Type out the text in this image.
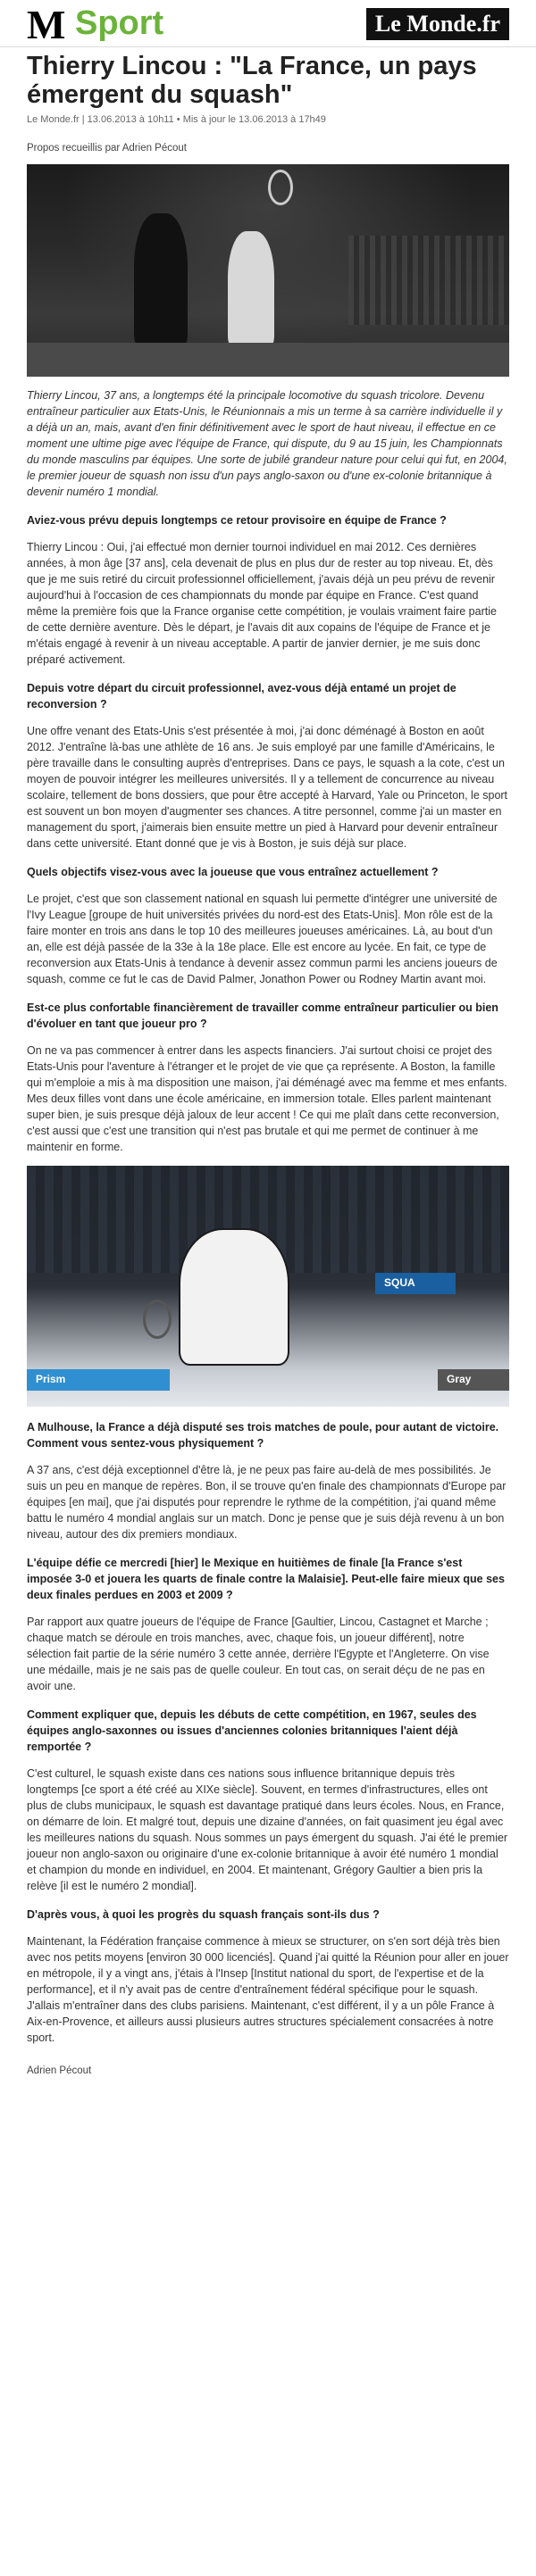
M Sport	Le Monde.fr
Thierry Lincou : "La France, un pays émergent du squash"
Le Monde.fr | 13.06.2013 à 10h11 • Mis à jour le 13.06.2013 à 17h49
Propos recueillis par Adrien Pécout
Thierry Lincou, 37 ans, a longtemps été la principale locomotive du squash tricolore. Devenu entraîneur particulier aux Etats-Unis, le Réunionnais a mis un terme à sa carrière individuelle il y a déjà un an, mais, avant d'en finir définitivement avec le sport de haut niveau, il effectue en ce moment une ultime pige avec l'équipe de France, qui dispute, du 9 au 15 juin, les Championnats du monde masculins par équipes. Une sorte de jubilé grandeur nature pour celui qui fut, en 2004, le premier joueur de squash non issu d'un pays anglo-saxon ou d'une ex-colonie britannique à devenir numéro 1 mondial.
Aviez-vous prévu depuis longtemps ce retour provisoire en équipe de France ?
Thierry Lincou : Oui, j'ai effectué mon dernier tournoi individuel en mai 2012. Ces dernières années, à mon âge [37 ans], cela devenait de plus en plus dur de rester au top niveau. Et, dès que je me suis retiré du circuit professionnel officiellement, j'avais déjà un peu prévu de revenir aujourd'hui à l'occasion de ces championnats du monde par équipe en France. C'est quand même la première fois que la France organise cette compétition, je voulais vraiment faire partie de cette dernière aventure. Dès le départ, je l'avais dit aux copains de l'équipe de France et je m'étais engagé à revenir à un niveau acceptable. A partir de janvier dernier, je me suis donc préparé activement.
Depuis votre départ du circuit professionnel, avez-vous déjà entamé un projet de reconversion ?
Une offre venant des Etats-Unis s'est présentée à moi, j'ai donc déménagé à Boston en août 2012. J'entraîne là-bas une athlète de 16 ans. Je suis employé par une famille d'Américains, le père travaille dans le consulting auprès d'entreprises. Dans ce pays, le squash a la cote, c'est un moyen de pouvoir intégrer les meilleures universités. Il y a tellement de concurrence au niveau scolaire, tellement de bons dossiers, que pour être accepté à Harvard, Yale ou Princeton, le sport est souvent un bon moyen d'augmenter ses chances. A titre personnel, comme j'ai un master en management du sport, j'aimerais bien ensuite mettre un pied à Harvard pour devenir entraîneur dans cette université. Etant donné que je vis à Boston, je suis déjà sur place.
Quels objectifs visez-vous avec la joueuse que vous entraînez actuellement ?
Le projet, c'est que son classement national en squash lui permette d'intégrer une université de l'Ivy League [groupe de huit universités privées du nord-est des Etats-Unis]. Mon rôle est de la faire monter en trois ans dans le top 10 des meilleures joueuses américaines. Là, au bout d'un an, elle est déjà passée de la 33e à la 18e place. Elle est encore au lycée. En fait, ce type de reconversion aux Etats-Unis à tendance à devenir assez commun parmi les anciens joueurs de squash, comme ce fut le cas de David Palmer, Jonathon Power ou Rodney Martin avant moi.
Est-ce plus confortable financièrement de travailler comme entraîneur particulier ou bien d'évoluer en tant que joueur pro ?
On ne va pas commencer à entrer dans les aspects financiers. J'ai surtout choisi ce projet des Etats-Unis pour l'aventure à l'étranger et le projet de vie que ça représente. A Boston, la famille qui m'emploie a mis à ma disposition une maison, j'ai déménagé avec ma femme et mes enfants. Mes deux filles vont dans une école américaine, en immersion totale. Elles parlent maintenant super bien, je suis presque déjà jaloux de leur accent ! Ce qui me plaît dans cette reconversion, c'est aussi que c'est une transition qui n'est pas brutale et qui me permet de continuer à me maintenir en forme.
Prism
SQUA
Gray
A Mulhouse, la France a déjà disputé ses trois matches de poule, pour autant de victoire. Comment vous sentez-vous physiquement ?
A 37 ans, c'est déjà exceptionnel d'être là, je ne peux pas faire au-delà de mes possibilités. Je suis un peu en manque de repères. Bon, il se trouve qu'en finale des championnats d'Europe par équipes [en mai], que j'ai disputés pour reprendre le rythme de la compétition, j'ai quand même battu le numéro 4 mondial anglais sur un match. Donc je pense que je suis déjà revenu à un bon niveau, autour des dix premiers mondiaux.
L'équipe défie ce mercredi [hier] le Mexique en huitièmes de finale [la France s'est imposée 3-0 et jouera les quarts de finale contre la Malaisie]. Peut-elle faire mieux que ses deux finales perdues en 2003 et 2009 ?
Par rapport aux quatre joueurs de l'équipe de France [Gaultier, Lincou, Castagnet et Marche ; chaque match se déroule en trois manches, avec, chaque fois, un joueur différent], notre sélection fait partie de la série numéro 3 cette année, derrière l'Egypte et l'Angleterre. On vise une médaille, mais je ne sais pas de quelle couleur. En tout cas, on serait déçu de ne pas en avoir une.
Comment expliquer que, depuis les débuts de cette compétition, en 1967, seules des équipes anglo-saxonnes ou issues d'anciennes colonies britanniques l'aient déjà remportée ?
C'est culturel, le squash existe dans ces nations sous influence britannique depuis très longtemps [ce sport a été créé au XIXe siècle]. Souvent, en termes d'infrastructures, elles ont plus de clubs municipaux, le squash est davantage pratiqué dans leurs écoles. Nous, en France, on démarre de loin. Et malgré tout, depuis une dizaine d'années, on fait quasiment jeu égal avec les meilleures nations du squash. Nous sommes un pays émergent du squash. J'ai été le premier joueur non anglo-saxon ou originaire d'une ex-colonie britannique à avoir été numéro 1 mondial et champion du monde en individuel, en 2004. Et maintenant, Grégory Gaultier a bien pris la relève [il est le numéro 2 mondial].
D'après vous, à quoi les progrès du squash français sont-ils dus ?
Maintenant, la Fédération française commence à mieux se structurer, on s'en sort déjà très bien avec nos petits moyens [environ 30 000 licenciés]. Quand j'ai quitté la Réunion pour aller en jouer en métropole, il y a vingt ans, j'étais à l'Insep [Institut national du sport, de l'expertise et de la performance], et il n'y avait pas de centre d'entraînement fédéral spécifique pour le squash. J'allais m'entraîner dans des clubs parisiens. Maintenant, c'est différent, il y a un pôle France à Aix-en-Provence, et ailleurs aussi plusieurs autres structures spécialement consacrées à notre sport.
Adrien Pécout
